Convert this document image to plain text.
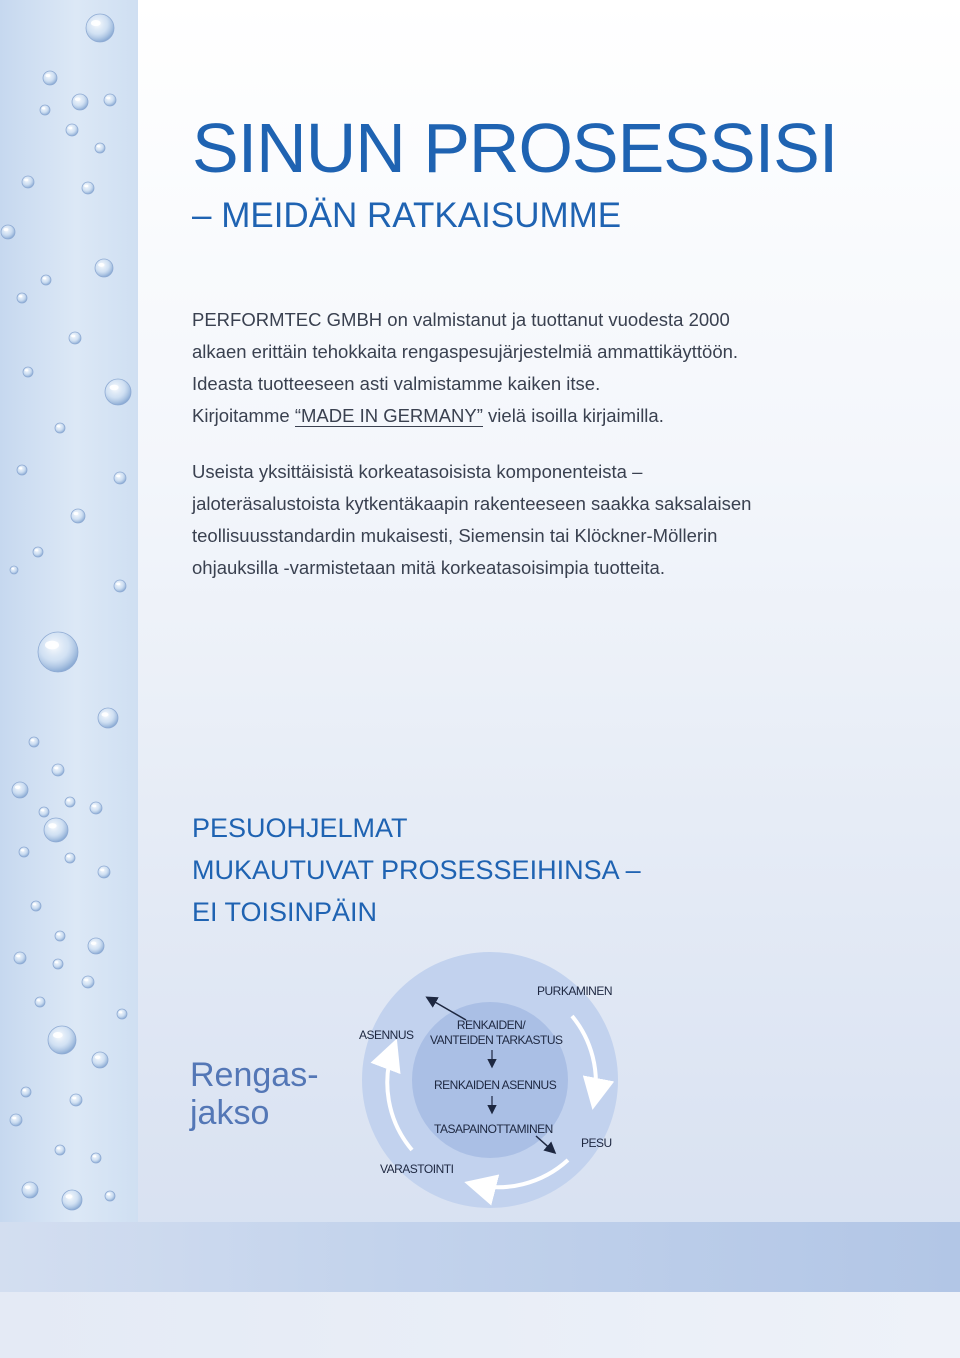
SINUN PROSESSISI
– MEIDÄN RATKAISUMME

PERFORMTEC GMBH on valmistanut ja tuottanut vuodesta 2000
alkaen erittäin tehokkaita rengaspesujärjestelmiä ammattikäyttöön.
Ideasta tuotteeseen asti valmistamme kaiken itse.
Kirjoitamme “MADE IN GERMANY” vielä isoilla kirjaimilla.

Useista yksittäisistä korkeatasoisista komponenteista –
jaloteräsalustoista kytkentäkaapin rakenteeseen saakka saksalaisen
teollisuusstandardin mukaisesti, Siemensin tai Klöckner-Möllerin
ohjauksilla -varmistetaan mitä korkeatasoisimpia tuotteita.

PESUOHJELMAT
MUKAUTUVAT PROSESSEIHINSA –
EI TOISINPÄIN

Rengas-
jakso

PURKAMINEN
ASENNUS
PESU
VARASTOINTI
RENKAIDEN/
VANTEIDEN TARKASTUS
RENKAIDEN ASENNUS
TASAPAINOTTAMINEN
